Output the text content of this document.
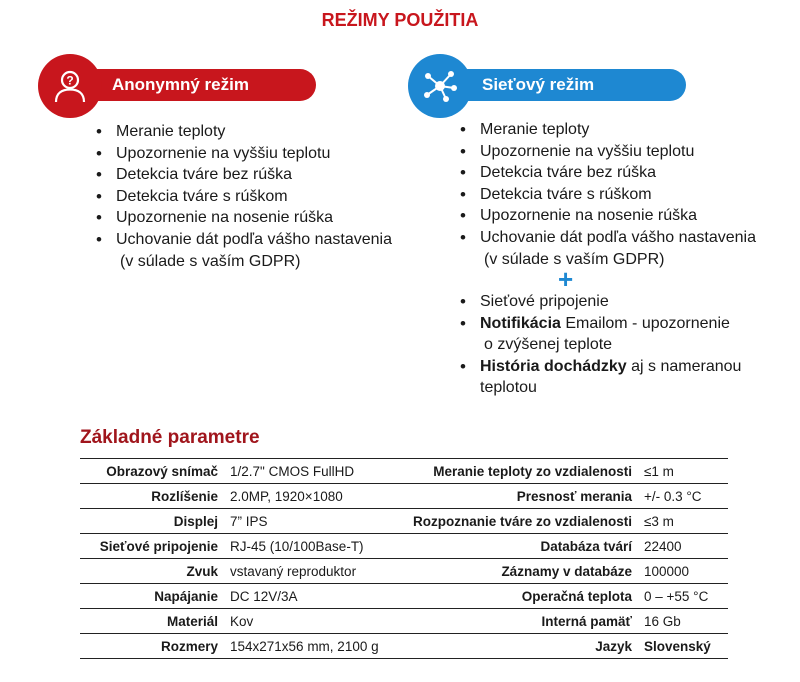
REŽIMY POUŽITIA
?	Anonymný režim
• Meranie teploty
• Upozornenie na vyššiu teplotu
• Detekcia tváre bez rúška
• Detekcia tváre s rúškom
• Upozornenie na nosenie rúška
• Uchovanie dát podľa vášho nastavenia
(v súlade s vaším GDPR)
Sieťový režim
• Meranie teploty
• Upozornenie na vyššiu teplotu
• Detekcia tváre bez rúška
• Detekcia tváre s rúškom
• Upozornenie na nosenie rúška
• Uchovanie dát podľa vášho nastavenia
(v súlade s vaším GDPR)
+
• Sieťové pripojenie
• Notifikácia Emailom - upozornenie
o zvýšenej teplote
• História dochádzky aj s nameranou
teplotou
Základné parametre
Obrazový snímač	1/2.7" CMOS FullHD	Meranie teploty zo vzdialenosti	≤1 m
Rozlíšenie	2.0MP, 1920×1080	Presnosť merania	+/- 0.3 °C
Displej	7” IPS	Rozpoznanie tváre zo vzdialenosti	≤3 m
Sieťové pripojenie	RJ-45 (10/100Base-T)	Databáza tvárí	22400
Zvuk	vstavaný reproduktor	Záznamy v databáze	100000
Napájanie	DC 12V/3A	Operačná teplota	0 – +55 °C
Materiál	Kov	Interná pamäť	16 Gb
Rozmery	154x271x56 mm, 2100 g	Jazyk	Slovenský
